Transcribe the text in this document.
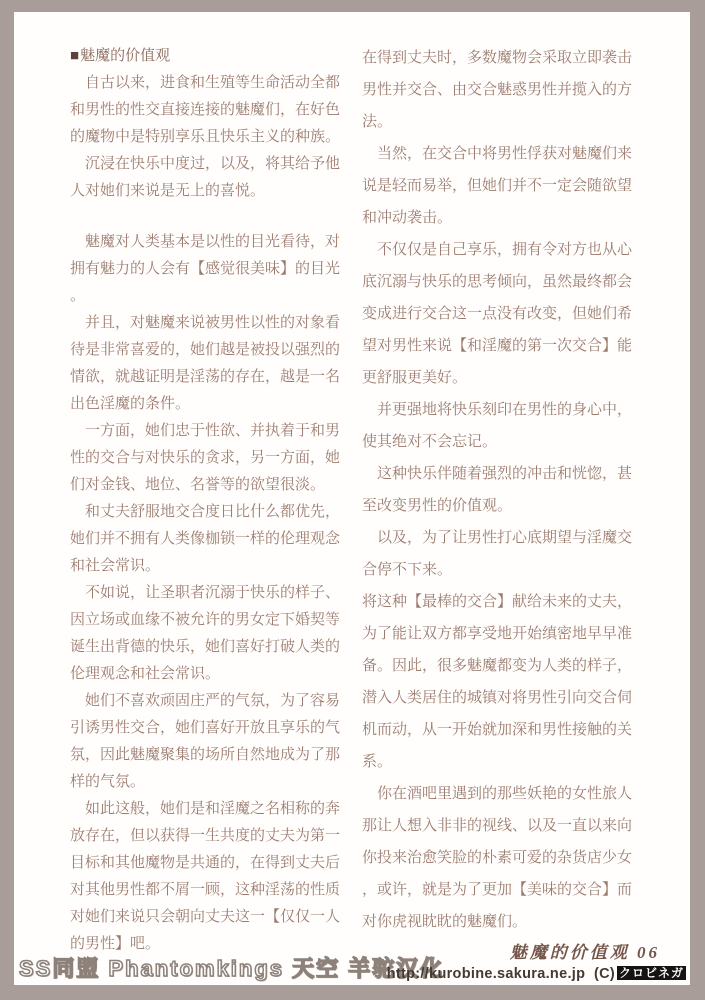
■魅魔的价值观

自古以来，进食和生殖等生命活动全都和男性的性交直接连接的魅魔们，在好色的魔物中是特别享乐且快乐主义的种族。

沉浸在快乐中度过，以及，将其给予他人对她们来说是无上的喜悦。

魅魔对人类基本是以性的目光看待，对拥有魅力的人会有【感觉很美味】的目光。

并且，对魅魔来说被男性以性的对象看待是非常喜爱的，她们越是被投以强烈的情欲，就越证明是淫荡的存在，越是一名出色淫魔的条件。

一方面，她们忠于性欲、并执着于和男性的交合与对快乐的贪求，另一方面，她们对金钱、地位、名誉等的欲望很淡。

和丈夫舒服地交合度日比什么都优先，她们并不拥有人类像枷锁一样的伦理观念和社会常识。

不如说，让圣职者沉溺于快乐的样子、因立场或血缘不被允许的男女定下婚契等诞生出背德的快乐，她们喜好打破人类的伦理观念和社会常识。

她们不喜欢顽固庄严的气氛，为了容易引诱男性交合，她们喜好开放且享乐的气氛，因此魅魔聚集的场所自然地成为了那样的气氛。

如此这般，她们是和淫魔之名相称的奔放存在，但以获得一生共度的丈夫为第一目标和其他魔物是共通的，在得到丈夫后对其他男性都不屑一顾，这种淫荡的性质对她们来说只会朝向丈夫这一【仅仅一人的男性】吧。

在得到丈夫时，多数魔物会采取立即袭击男性并交合、由交合魅惑男性并揽入的方法。

当然，在交合中将男性俘获对魅魔们来说是轻而易举，但她们并不一定会随欲望和冲动袭击。

不仅仅是自己享乐，拥有令对方也从心底沉溺与快乐的思考倾向，虽然最终都会变成进行交合这一点没有改变，但她们希望对男性来说【和淫魔的第一次交合】能更舒服更美好。

并更强地将快乐刻印在男性的身心中，使其绝对不会忘记。

这种快乐伴随着强烈的冲击和恍惚，甚至改变男性的价值观。

以及，为了让男性打心底期望与淫魔交合停不下来。

将这种【最棒的交合】献给未来的丈夫，为了能让双方都享受地开始缜密地早早准备。因此，很多魅魔都变为人类的样子，潜入人类居住的城镇对将男性引向交合伺机而动，从一开始就加深和男性接触的关系。

你在酒吧里遇到的那些妖艳的女性旅人那让人想入非非的视线、以及一直以来向你投来治愈笑脸的朴素可爱的杂货店少女，或许，就是为了更加【美味的交合】而对你虎视眈眈的魅魔们。

SS同盟 Phantomkings 天空 羊驼汉化
魅魔的价值观 06
http://kurobine.sakura.ne.jp (C) クロビネガ
